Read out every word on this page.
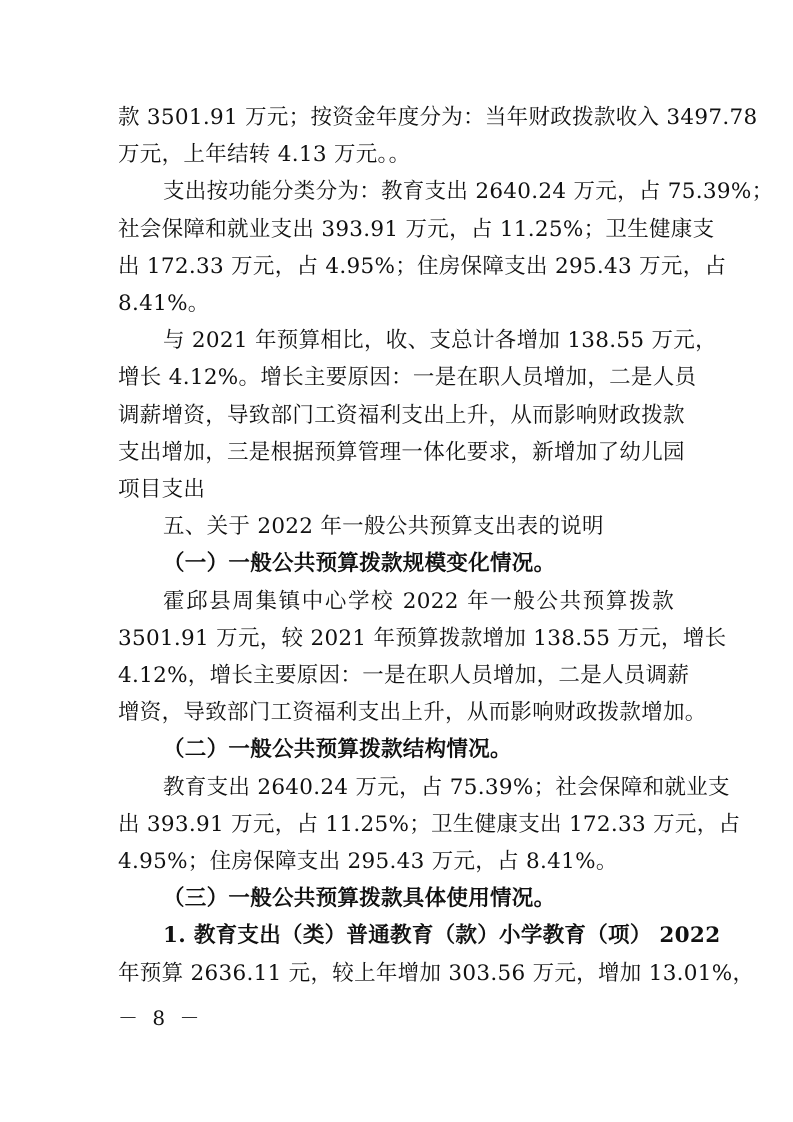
款 3501.91 万元；按资金年度分为：当年财政拨款收入 3497.78
万元，上年结转 4.13 万元。。
支出按功能分类分为：教育支出 2640.24 万元，占 75.39%；
社会保障和就业支出 393.91 万元，占 11.25%；卫生健康支
出 172.33 万元，占 4.95%；住房保障支出 295.43 万元，占
8.41%。
与 2021 年预算相比，收、支总计各增加 138.55 万元，
增长 4.12%。增长主要原因：一是在职人员增加，二是人员
调薪增资，导致部门工资福利支出上升，从而影响财政拨款
支出增加，三是根据预算管理一体化要求，新增加了幼儿园
项目支出
五、关于 2022 年一般公共预算支出表的说明
（一）一般公共预算拨款规模变化情况。
霍邱县周集镇中心学校 2022 年一般公共预算拨款
3501.91 万元，较 2021 年预算拨款增加 138.55 万元，增长
4.12%，增长主要原因：一是在职人员增加，二是人员调薪
增资，导致部门工资福利支出上升，从而影响财政拨款增加。
（二）一般公共预算拨款结构情况。
教育支出 2640.24 万元，占 75.39%；社会保障和就业支
出 393.91 万元，占 11.25%；卫生健康支出 172.33 万元，占
4.95%；住房保障支出 295.43 万元，占 8.41%。
－ 8 －
（三）一般公共预算拨款具体使用情况。
1. 教育支出（类）普通教育（款）小学教育（项） 2022
年预算 2636.11 元，较上年增加 303.56 万元，增加 13.01%，
